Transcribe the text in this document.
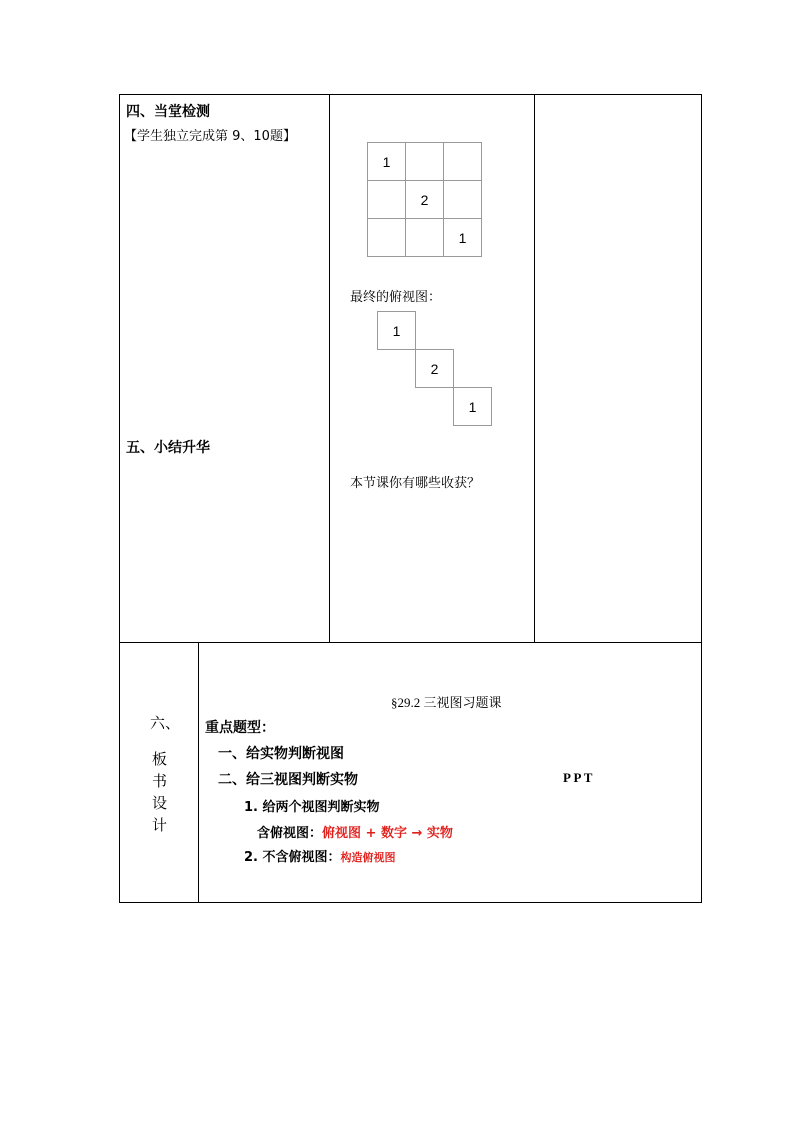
四、当堂检测
【学生独立完成第 9、10题】
1
2
1
最终的俯视图：
1
2
1
五、小结升华
本节课你有哪些收获？
六、
板
书
设
计
§29.2 三视图习题课
重点题型：
一、给实物判断视图
二、给三视图判断实物	P P T
1. 给两个视图判断实物
含俯视图：俯视图 + 数字 → 实物
2. 不含俯视图：构造俯视图
